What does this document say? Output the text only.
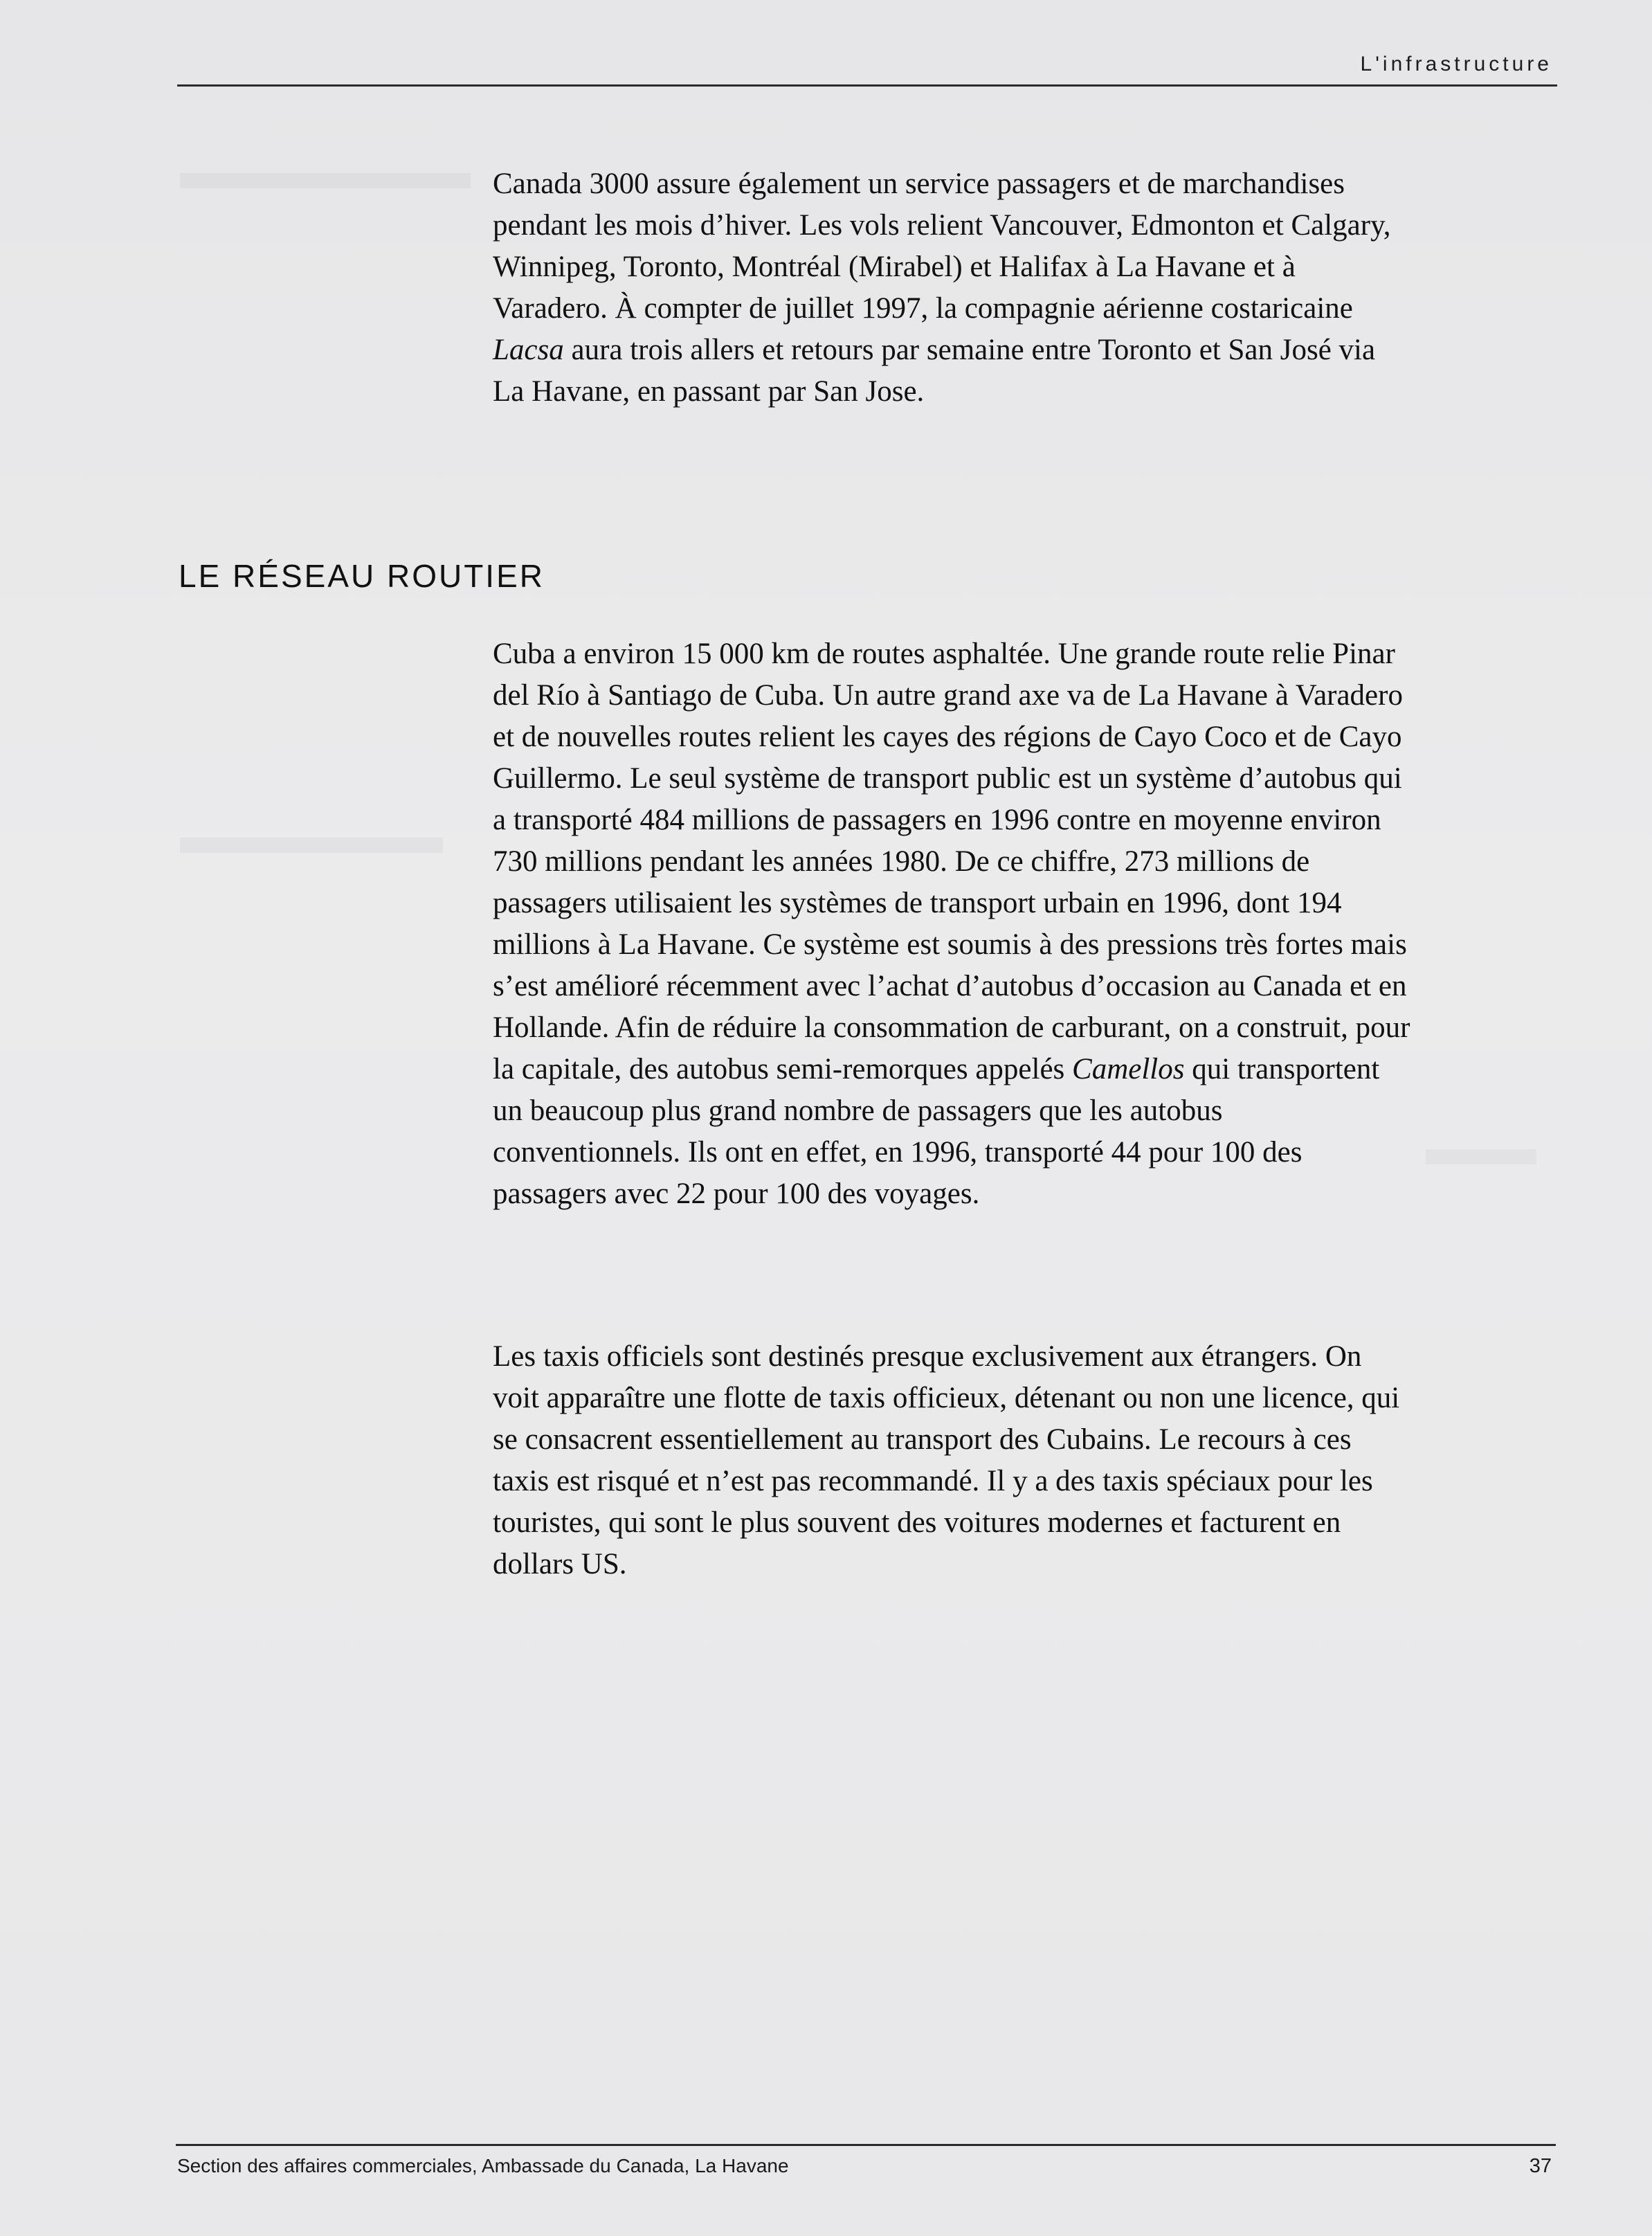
L'infrastructure

Canada 3000 assure également un service passagers et de marchandises pendant les mois d’hiver. Les vols relient Vancouver, Edmonton et Calgary, Winnipeg, Toronto, Montréal (Mirabel) et Halifax à La Havane et à Varadero. À compter de juillet 1997, la compagnie aérienne costaricaine Lacsa aura trois allers et retours par semaine entre Toronto et San José via La Havane, en passant par San Jose.

LE RÉSEAU ROUTIER

Cuba a environ 15 000 km de routes asphaltée. Une grande route relie Pinar del Río à Santiago de Cuba. Un autre grand axe va de La Havane à Varadero et de nouvelles routes relient les cayes des régions de Cayo Coco et de Cayo Guillermo. Le seul système de transport public est un système d’autobus qui a transporté 484 millions de passagers en 1996 contre en moyenne environ 730 millions pendant les années 1980. De ce chiffre, 273 millions de passagers utilisaient les systèmes de transport urbain en 1996, dont 194 millions à La Havane. Ce système est soumis à des pressions très fortes mais s’est amélioré récemment avec l’achat d’autobus d’occasion au Canada et en Hollande. Afin de réduire la consommation de carburant, on a construit, pour la capitale, des autobus semi-remorques appelés Camellos qui transportent un beaucoup plus grand nombre de passagers que les autobus conventionnels. Ils ont en effet, en 1996, transporté 44 pour 100 des passagers avec 22 pour 100 des voyages.

Les taxis officiels sont destinés presque exclusivement aux étrangers. On voit apparaître une flotte de taxis officieux, détenant ou non une licence, qui se consacrent essentiellement au transport des Cubains. Le recours à ces taxis est risqué et n’est pas recommandé. Il y a des taxis spéciaux pour les touristes, qui sont le plus souvent des voitures modernes et facturent en dollars US.

Section des affaires commerciales, Ambassade du Canada, La Havane	37
